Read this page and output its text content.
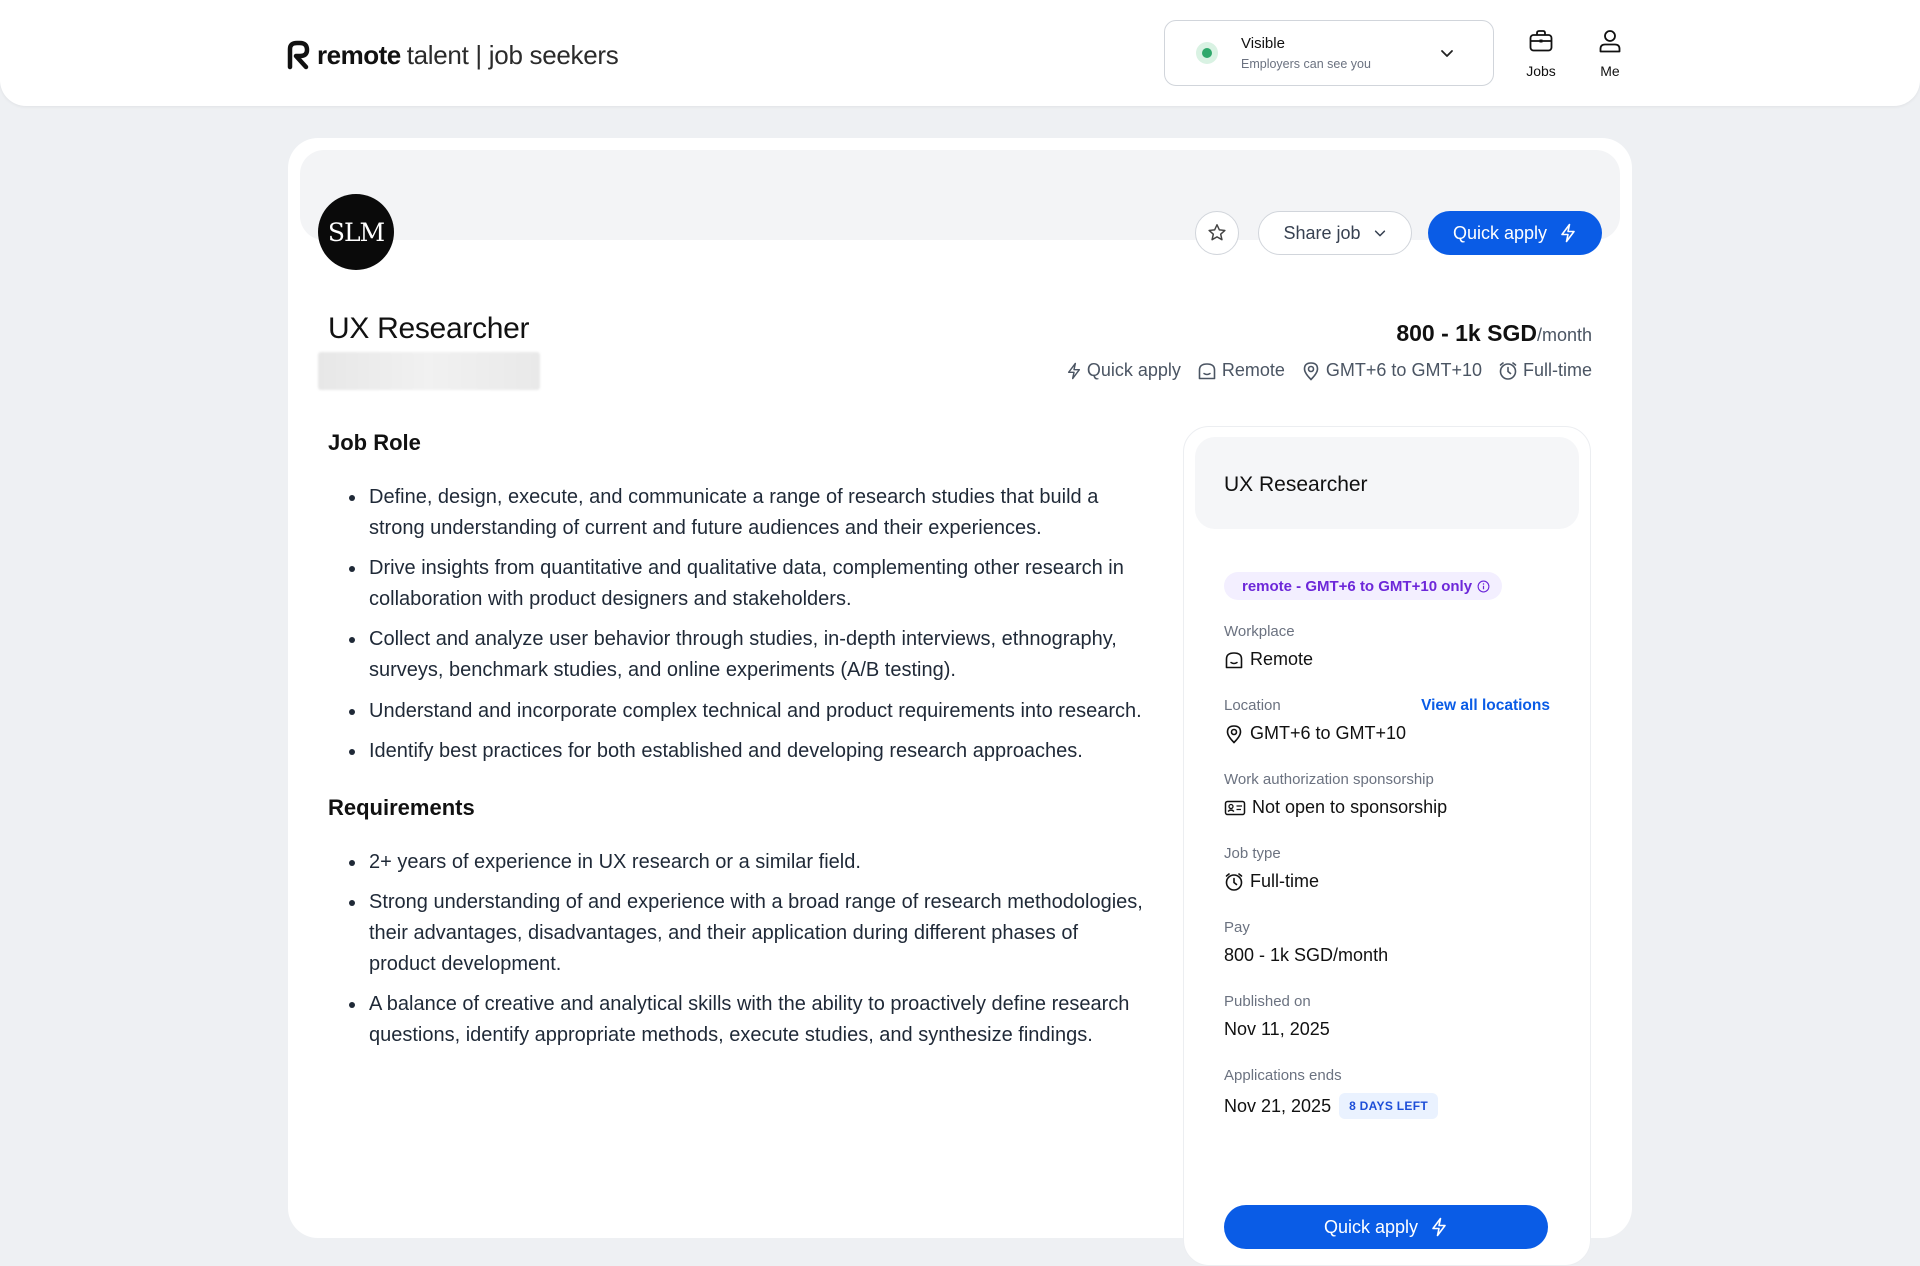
remote talent | job seekers	Visible
Employers can see you	Jobs	Me
SLM	Share job	Quick apply
UX Researcher	800 - 1k SGD/month
Quick apply Remote GMT+6 to GMT+10 Full-time
Job Role
Define, design, execute, and communicate a range of research studies that build a strong understanding of current and future audiences and their experiences.
Drive insights from quantitative and qualitative data, complementing other research in collaboration with product designers and stakeholders.
Collect and analyze user behavior through studies, in-depth interviews, ethnography, surveys, benchmark studies, and online experiments (A/B testing).
Understand and incorporate complex technical and product requirements into research.
Identify best practices for both established and developing research approaches.
Requirements
2+ years of experience in UX research or a similar field.
Strong understanding of and experience with a broad range of research methodologies, their advantages, disadvantages, and their application during different phases of product development.
A balance of creative and analytical skills with the ability to proactively define research questions, identify appropriate methods, execute studies, and synthesize findings.
UX Researcher
remote - GMT+6 to GMT+10 only
Workplace
Remote
Location
GMT+6 to GMT+10
View all locations
Work authorization sponsorship
Not open to sponsorship
Job type
Full-time
Pay
800 - 1k SGD/month
Published on
Nov 11, 2025
Applications ends
Nov 21, 2025	8 DAYS LEFT
Quick apply
